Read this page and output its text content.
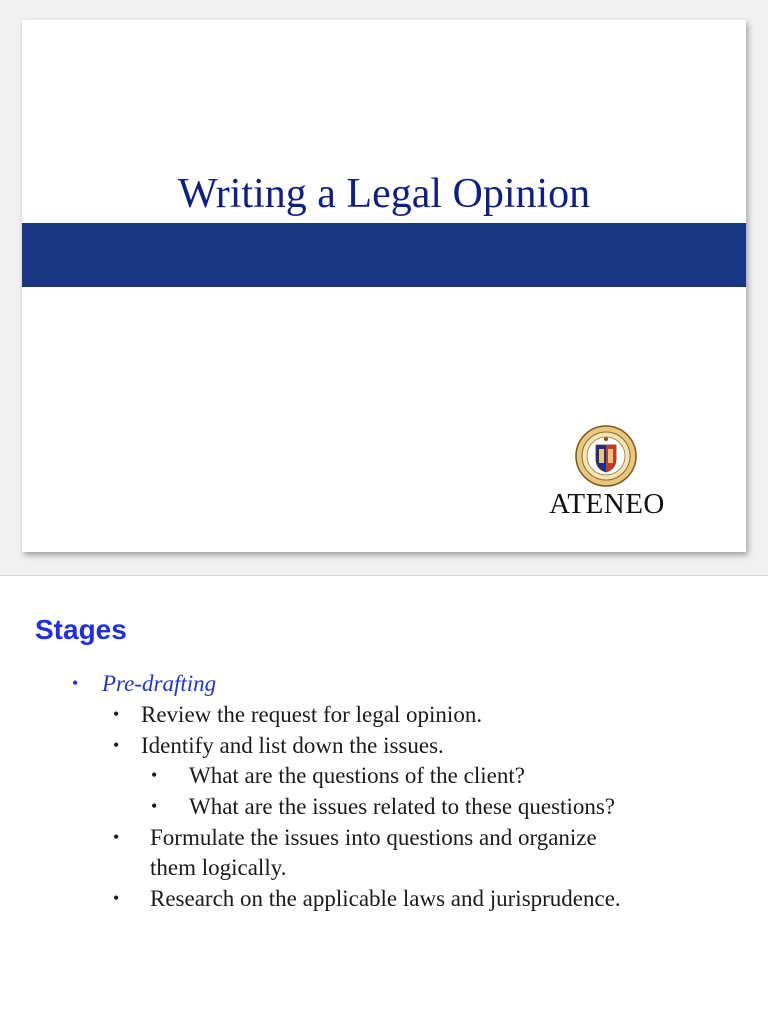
Writing a Legal Opinion
ATENEO
Stages
• Pre-drafting
• Review the request for legal opinion.
• Identify and list down the issues.
• What are the questions of the client?
• What are the issues related to these questions?
• Formulate the issues into questions and organize
them logically.
• Research on the applicable laws and jurisprudence.
